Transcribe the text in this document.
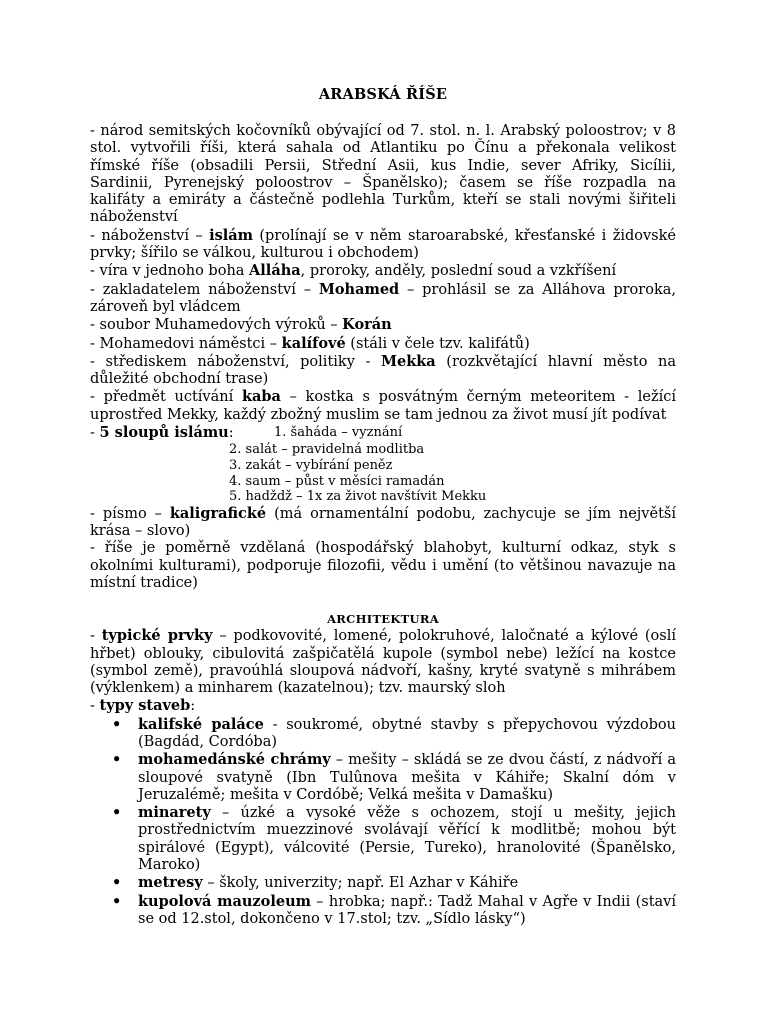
ARABSKÁ ŘÍŠE

- národ semitských kočovníků obývající od 7. stol. n. l. Arabský poloostrov; v 8 stol. vytvořili říši, která sahala od Atlantiku po Čínu a překonala velikost římské říše (obsadili Persii, Střední Asii, kus Indie, sever Afriky, Sicílii, Sardinii, Pyrenejský poloostrov – Španělsko); časem se říše rozpadla na kalifáty a emiráty a částečně podlehla Turkům, kteří se stali novými šiřiteli náboženství

- náboženství – islám (prolínají se v něm staroarabské, křesťanské i židovské prvky; šířilo se válkou, kulturou i obchodem)

- víra v jednoho boha Alláha, proroky, anděly, poslední soud a vzkříšení

- zakladatelem náboženství – Mohamed – prohlásil se za Alláhova proroka, zároveň byl vládcem

- soubor Muhamedových výroků – Korán

- Mohamedovi náměstci – kalífové (stáli v čele tzv. kalifátů)

- střediskem náboženství, politiky - Mekka (rozkvětající hlavní město na důležité obchodní trase)

- předmět uctívání kaba – kostka s posvátným černým meteoritem - ležící uprostřed Mekky, každý zbožný muslim se tam jednou za život musí jít podívat

- 5 sloupů islámu:	1. šaháda – vyznání
2. salát – pravidelná modlitba
3. zakát – vybírání peněz
4. saum – půst v měsíci ramadán
5. hadždž – 1x za život navštívit Mekku

- písmo – kaligrafické (má ornamentální podobu, zachycuje se jím největší krása – slovo)

- říše je poměrně vzdělaná (hospodářský blahobyt, kulturní odkaz, styk s okolními kulturami), podporuje filozofii, vědu i umění (to většinou navazuje na místní tradice)

ARCHITEKTURA

- typické prvky – podkovovité, lomené, polokruhové, laločnaté a kýlové (oslí hřbet) oblouky, cibulovitá zašpičatělá kupole (symbol nebe) ležící na kostce (symbol země), pravoúhlá sloupová nádvoří, kašny, kryté svatyně s mihrábem (výklenkem) a minharem (kazatelnou); tzv. maurský sloh

- typy staveb:

• kalifské paláce - soukromé, obytné stavby s přepychovou výzdobou (Bagdád, Cordóba)
• mohamedánské chrámy – mešity – skládá se ze dvou částí, z nádvoří a sloupové svatyně (Ibn Tulûnova mešita v Káhiře; Skalní dóm v Jeruzalémě; mešita v Cordóbě; Velká mešita v Damašku)
• minarety – úzké a vysoké věže s ochozem, stojí u mešity, jejich prostřednictvím muezzinové svolávají věřící k modlitbě; mohou být spirálové (Egypt), válcovité (Persie, Tureko), hranolovité (Španělsko, Maroko)
• metresy – školy, univerzity; např. El Azhar v Káhiře
• kupolová mauzoleum – hrobka; např.: Tadž Mahal v Agře v Indii (staví se od 12.stol, dokončeno v 17.stol; tzv. „Sídlo lásky“)
